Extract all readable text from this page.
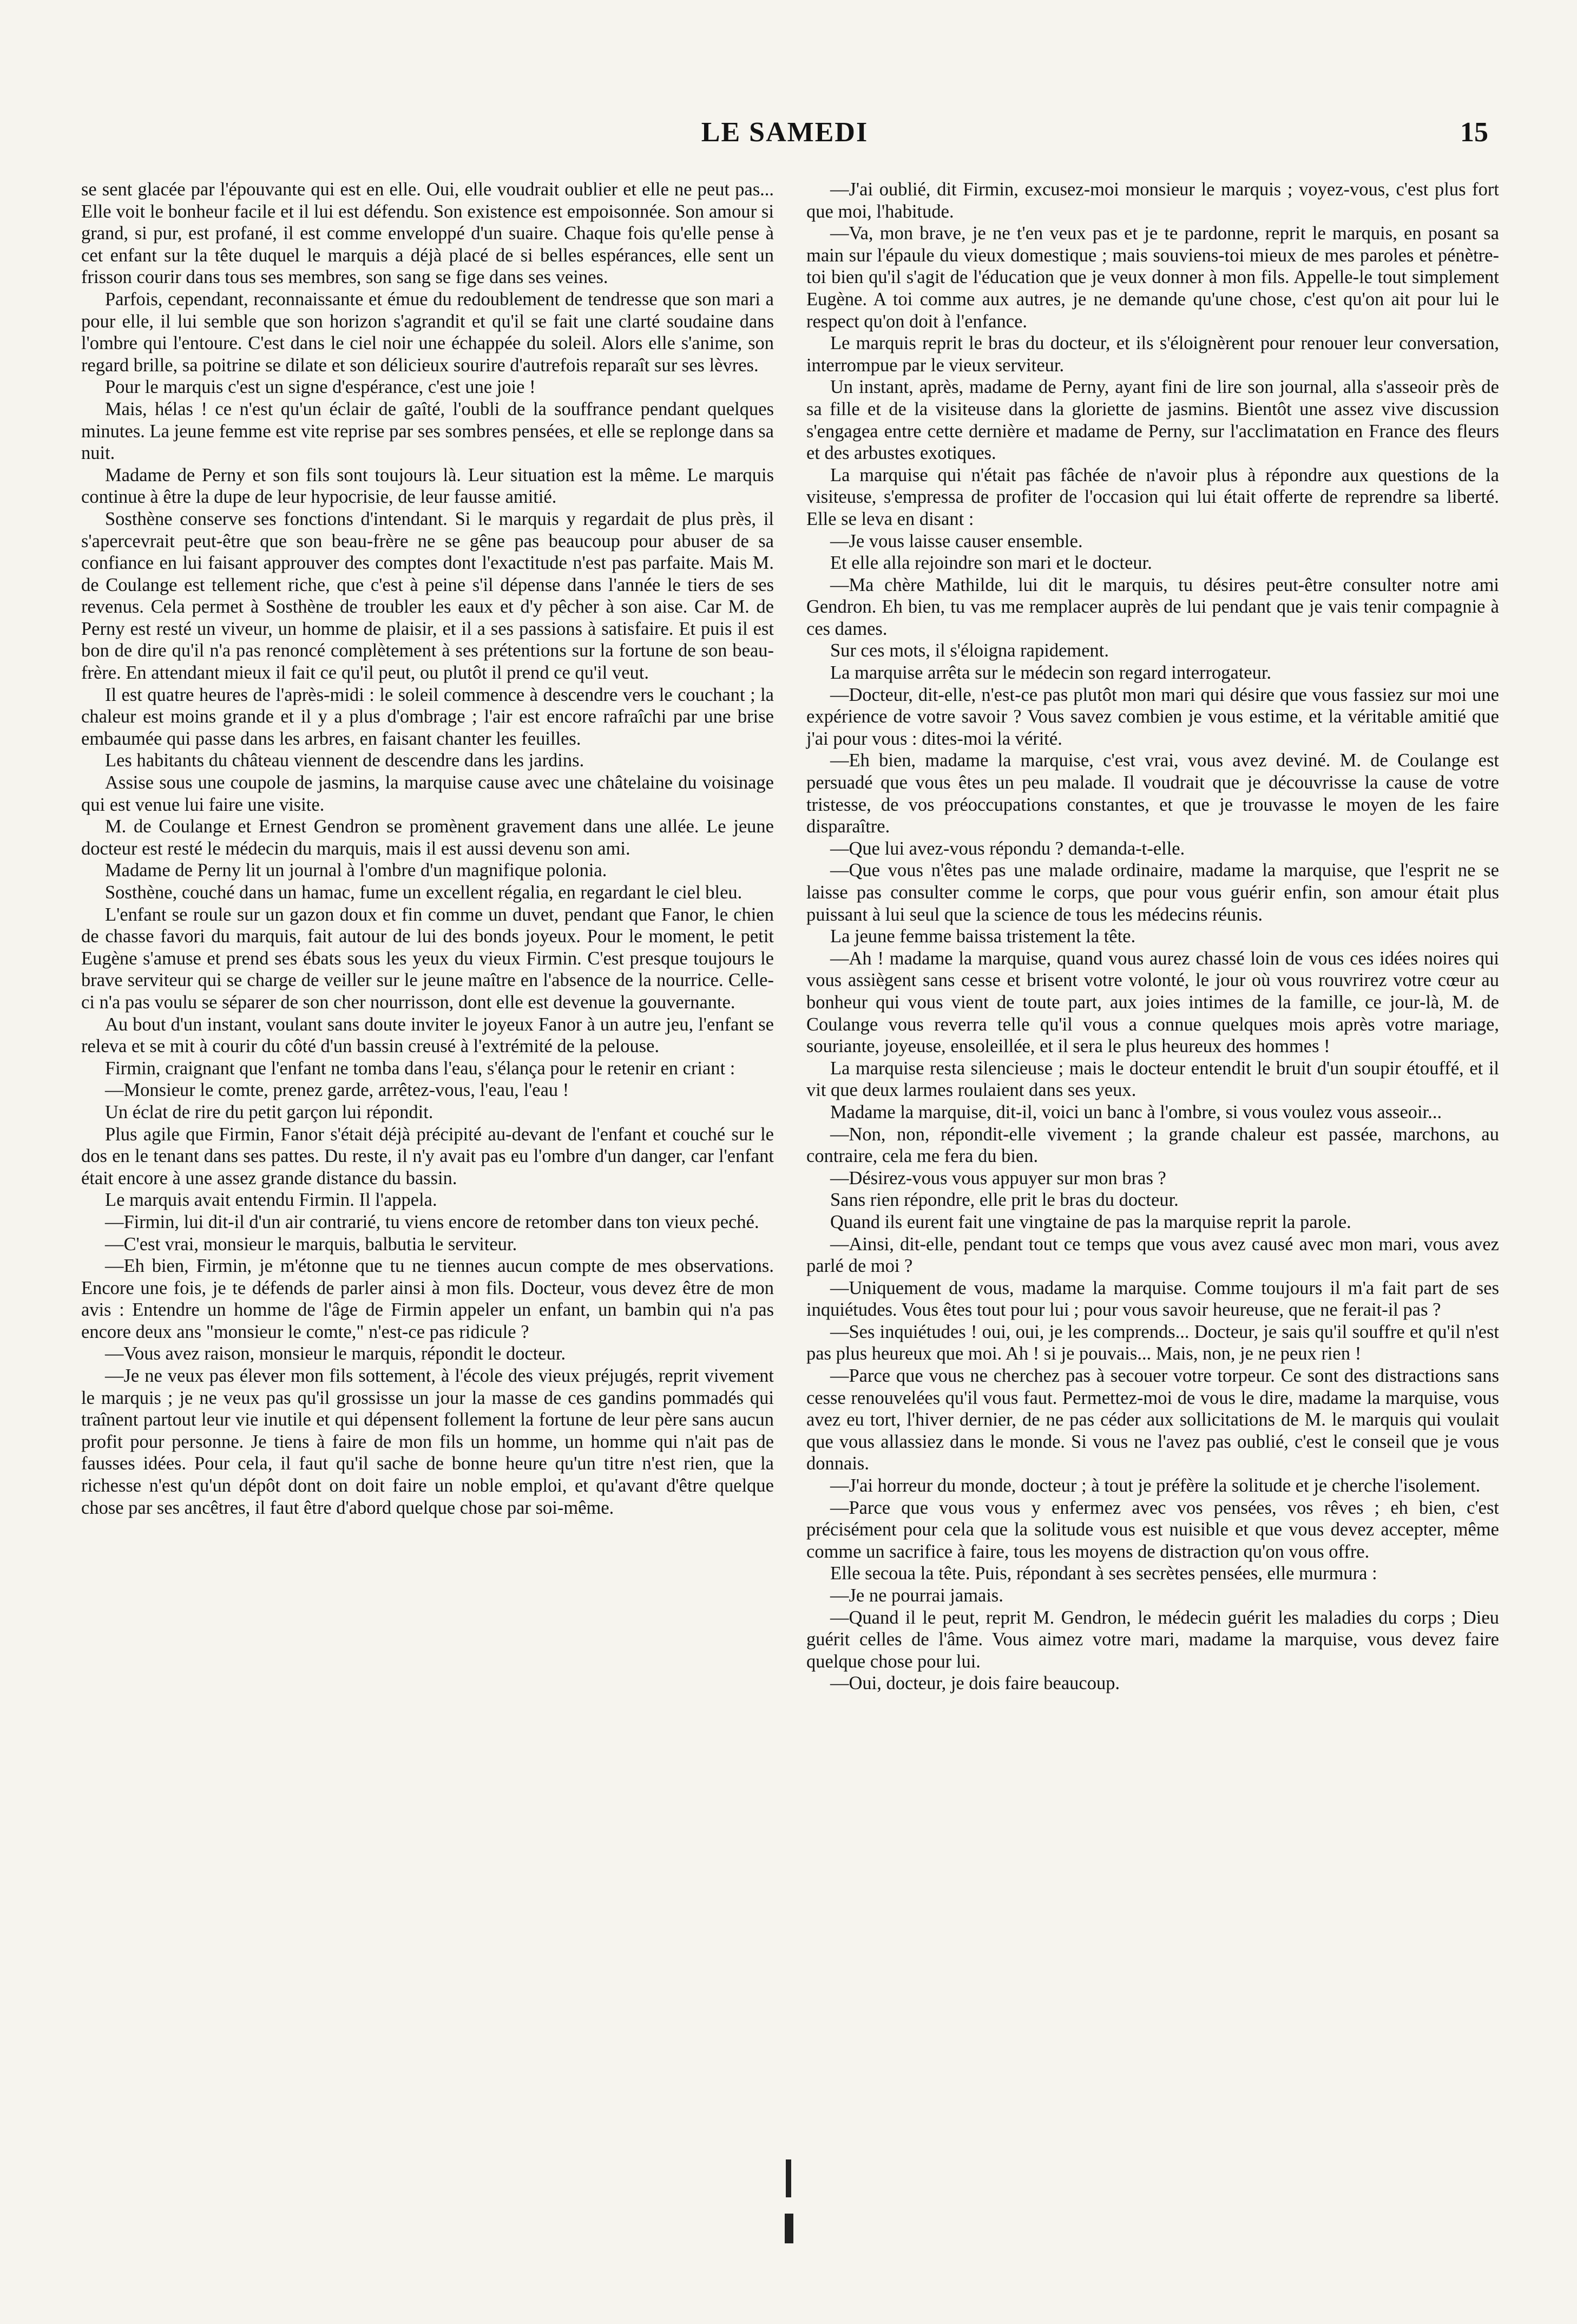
LE SAMEDI	15

se sent glacée par l'épouvante qui est en elle. Oui, elle voudrait oublier et elle ne peut pas... Elle voit le bonheur facile et il lui est défendu. Son existence est empoisonnée. Son amour si grand, si pur, est profané, il est comme enveloppé d'un suaire. Chaque fois qu'elle pense à cet enfant sur la tête duquel le marquis a déjà placé de si belles espérances, elle sent un frisson courir dans tous ses membres, son sang se fige dans ses veines.

Parfois, cependant, reconnaissante et émue du redoublement de tendresse que son mari a pour elle, il lui semble que son horizon s'agrandit et qu'il se fait une clarté soudaine dans l'ombre qui l'entoure. C'est dans le ciel noir une échappée du soleil. Alors elle s'anime, son regard brille, sa poitrine se dilate et son délicieux sourire d'autrefois reparaît sur ses lèvres.

Pour le marquis c'est un signe d'espérance, c'est une joie !

Mais, hélas ! ce n'est qu'un éclair de gaîté, l'oubli de la souffrance pendant quelques minutes. La jeune femme est vite reprise par ses sombres pensées, et elle se replonge dans sa nuit.

Madame de Perny et son fils sont toujours là. Leur situation est la même. Le marquis continue à être la dupe de leur hypocrisie, de leur fausse amitié.

Sosthène conserve ses fonctions d'intendant. Si le marquis y regardait de plus près, il s'apercevrait peut-être que son beau-frère ne se gêne pas beaucoup pour abuser de sa confiance en lui faisant approuver des comptes dont l'exactitude n'est pas parfaite. Mais M. de Coulange est tellement riche, que c'est à peine s'il dépense dans l'année le tiers de ses revenus. Cela permet à Sosthène de troubler les eaux et d'y pêcher à son aise. Car M. de Perny est resté un viveur, un homme de plaisir, et il a ses passions à satisfaire. Et puis il est bon de dire qu'il n'a pas renoncé complètement à ses prétentions sur la fortune de son beau-frère. En attendant mieux il fait ce qu'il peut, ou plutôt il prend ce qu'il veut.

Il est quatre heures de l'après-midi : le soleil commence à descendre vers le couchant ; la chaleur est moins grande et il y a plus d'ombrage ; l'air est encore rafraîchi par une brise embaumée qui passe dans les arbres, en faisant chanter les feuilles.

Les habitants du château viennent de descendre dans les jardins.

Assise sous une coupole de jasmins, la marquise cause avec une châtelaine du voisinage qui est venue lui faire une visite.

M. de Coulange et Ernest Gendron se promènent gravement dans une allée. Le jeune docteur est resté le médecin du marquis, mais il est aussi devenu son ami.

Madame de Perny lit un journal à l'ombre d'un magnifique polonia.

Sosthène, couché dans un hamac, fume un excellent régalia, en regardant le ciel bleu.

L'enfant se roule sur un gazon doux et fin comme un duvet, pendant que Fanor, le chien de chasse favori du marquis, fait autour de lui des bonds joyeux. Pour le moment, le petit Eugène s'amuse et prend ses ébats sous les yeux du vieux Firmin. C'est presque toujours le brave serviteur qui se charge de veiller sur le jeune maître en l'absence de la nourrice. Celle-ci n'a pas voulu se séparer de son cher nourrisson, dont elle est devenue la gouvernante.

Au bout d'un instant, voulant sans doute inviter le joyeux Fanor à un autre jeu, l'enfant se releva et se mit à courir du côté d'un bassin creusé à l'extrémité de la pelouse.

Firmin, craignant que l'enfant ne tomba dans l'eau, s'élança pour le retenir en criant :

—Monsieur le comte, prenez garde, arrêtez-vous, l'eau, l'eau !

Un éclat de rire du petit garçon lui répondit.

Plus agile que Firmin, Fanor s'était déjà précipité au-devant de l'enfant et couché sur le dos en le tenant dans ses pattes. Du reste, il n'y avait pas eu l'ombre d'un danger, car l'enfant était encore à une assez grande distance du bassin.

Le marquis avait entendu Firmin. Il l'appela.

—Firmin, lui dit-il d'un air contrarié, tu viens encore de retomber dans ton vieux peché.

—C'est vrai, monsieur le marquis, balbutia le serviteur.

—Eh bien, Firmin, je m'étonne que tu ne tiennes aucun compte de mes observations. Encore une fois, je te défends de parler ainsi à mon fils. Docteur, vous devez être de mon avis : Entendre un homme de l'âge de Firmin appeler un enfant, un bambin qui n'a pas encore deux ans "monsieur le comte," n'est-ce pas ridicule ?

—Vous avez raison, monsieur le marquis, répondit le docteur.

—Je ne veux pas élever mon fils sottement, à l'école des vieux préjugés, reprit vivement le marquis ; je ne veux pas qu'il grossisse un jour la masse de ces gandins pommadés qui traînent partout leur vie inutile et qui dépensent follement la fortune de leur père sans aucun profit pour personne. Je tiens à faire de mon fils un homme, un homme qui n'ait pas de fausses idées. Pour cela, il faut qu'il sache de bonne heure qu'un titre n'est rien, que la richesse n'est qu'un dépôt dont on doit faire un noble emploi, et qu'avant d'être quelque chose par ses ancêtres, il faut être d'abord quelque chose par soi-même.

—J'ai oublié, dit Firmin, excusez-moi monsieur le marquis ; voyez-vous, c'est plus fort que moi, l'habitude.

—Va, mon brave, je ne t'en veux pas et je te pardonne, reprit le marquis, en posant sa main sur l'épaule du vieux domestique ; mais souviens-toi mieux de mes paroles et pénètre-toi bien qu'il s'agit de l'éducation que je veux donner à mon fils. Appelle-le tout simplement Eugène. A toi comme aux autres, je ne demande qu'une chose, c'est qu'on ait pour lui le respect qu'on doit à l'enfance.

Le marquis reprit le bras du docteur, et ils s'éloignèrent pour renouer leur conversation, interrompue par le vieux serviteur.

Un instant, après, madame de Perny, ayant fini de lire son journal, alla s'asseoir près de sa fille et de la visiteuse dans la gloriette de jasmins. Bientôt une assez vive discussion s'engagea entre cette dernière et madame de Perny, sur l'acclimatation en France des fleurs et des arbustes exotiques.

La marquise qui n'était pas fâchée de n'avoir plus à répondre aux questions de la visiteuse, s'empressa de profiter de l'occasion qui lui était offerte de reprendre sa liberté. Elle se leva en disant :

—Je vous laisse causer ensemble.

Et elle alla rejoindre son mari et le docteur.

—Ma chère Mathilde, lui dit le marquis, tu désires peut-être consulter notre ami Gendron. Eh bien, tu vas me remplacer auprès de lui pendant que je vais tenir compagnie à ces dames.

Sur ces mots, il s'éloigna rapidement.

La marquise arrêta sur le médecin son regard interrogateur.

—Docteur, dit-elle, n'est-ce pas plutôt mon mari qui désire que vous fassiez sur moi une expérience de votre savoir ? Vous savez combien je vous estime, et la véritable amitié que j'ai pour vous : dites-moi la vérité.

—Eh bien, madame la marquise, c'est vrai, vous avez deviné. M. de Coulange est persuadé que vous êtes un peu malade. Il voudrait que je découvrisse la cause de votre tristesse, de vos préoccupations constantes, et que je trouvasse le moyen de les faire disparaître.

—Que lui avez-vous répondu ? demanda-t-elle.

—Que vous n'êtes pas une malade ordinaire, madame la marquise, que l'esprit ne se laisse pas consulter comme le corps, que pour vous guérir enfin, son amour était plus puissant à lui seul que la science de tous les médecins réunis.

La jeune femme baissa tristement la tête.

—Ah ! madame la marquise, quand vous aurez chassé loin de vous ces idées noires qui vous assiègent sans cesse et brisent votre volonté, le jour où vous rouvrirez votre cœur au bonheur qui vous vient de toute part, aux joies intimes de la famille, ce jour-là, M. de Coulange vous reverra telle qu'il vous a connue quelques mois après votre mariage, souriante, joyeuse, ensoleillée, et il sera le plus heureux des hommes !

La marquise resta silencieuse ; mais le docteur entendit le bruit d'un soupir étouffé, et il vit que deux larmes roulaient dans ses yeux.

Madame la marquise, dit-il, voici un banc à l'ombre, si vous voulez vous asseoir...

—Non, non, répondit-elle vivement ; la grande chaleur est passée, marchons, au contraire, cela me fera du bien.

—Désirez-vous vous appuyer sur mon bras ?

Sans rien répondre, elle prit le bras du docteur.

Quand ils eurent fait une vingtaine de pas la marquise reprit la parole.

—Ainsi, dit-elle, pendant tout ce temps que vous avez causé avec mon mari, vous avez parlé de moi ?

—Uniquement de vous, madame la marquise. Comme toujours il m'a fait part de ses inquiétudes. Vous êtes tout pour lui ; pour vous savoir heureuse, que ne ferait-il pas ?

—Ses inquiétudes ! oui, oui, je les comprends... Docteur, je sais qu'il souffre et qu'il n'est pas plus heureux que moi. Ah ! si je pouvais... Mais, non, je ne peux rien !

—Parce que vous ne cherchez pas à secouer votre torpeur. Ce sont des distractions sans cesse renouvelées qu'il vous faut. Permettez-moi de vous le dire, madame la marquise, vous avez eu tort, l'hiver dernier, de ne pas céder aux sollicitations de M. le marquis qui voulait que vous allassiez dans le monde. Si vous ne l'avez pas oublié, c'est le conseil que je vous donnais.

—J'ai horreur du monde, docteur ; à tout je préfère la solitude et je cherche l'isolement.

—Parce que vous vous y enfermez avec vos pensées, vos rêves ; eh bien, c'est précisément pour cela que la solitude vous est nuisible et que vous devez accepter, même comme un sacrifice à faire, tous les moyens de distraction qu'on vous offre.

Elle secoua la tête. Puis, répondant à ses secrètes pensées, elle murmura :

—Je ne pourrai jamais.

—Quand il le peut, reprit M. Gendron, le médecin guérit les maladies du corps ; Dieu guérit celles de l'âme. Vous aimez votre mari, madame la marquise, vous devez faire quelque chose pour lui.

—Oui, docteur, je dois faire beaucoup.
